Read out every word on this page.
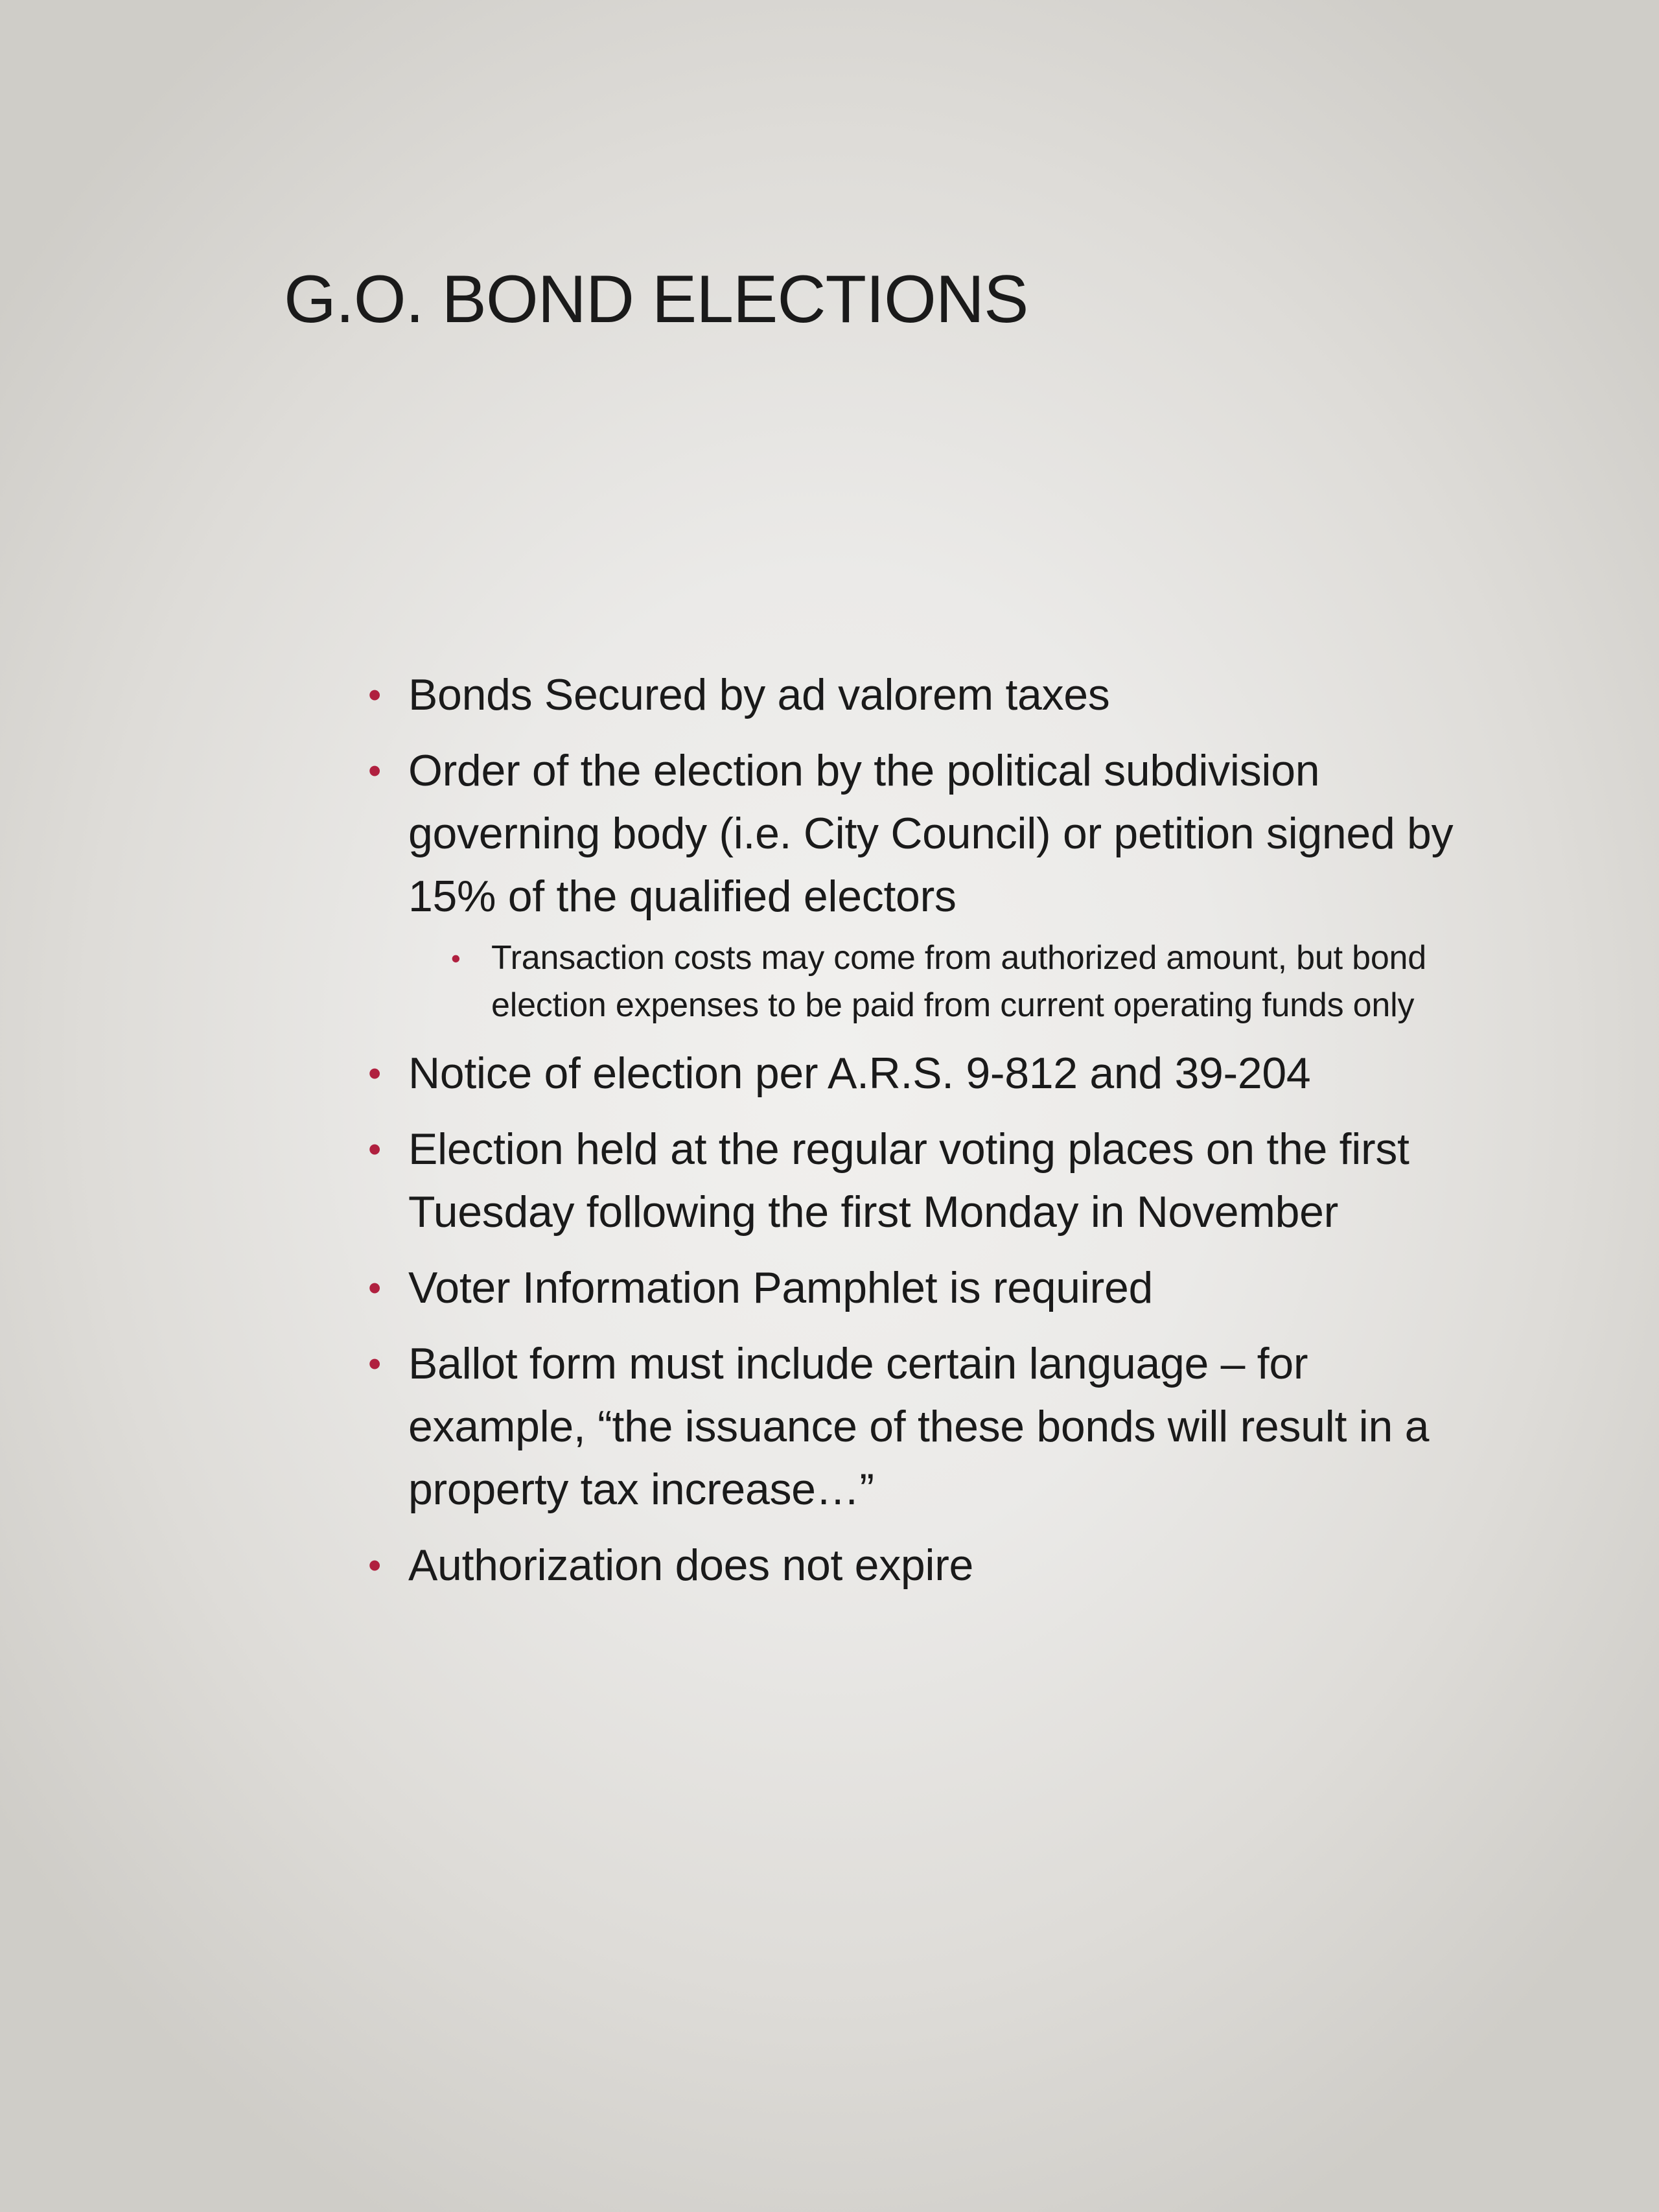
G.O. BOND ELECTIONS
• Bonds Secured by ad valorem taxes
• Order of the election by the political subdivision governing body (i.e. City Council) or petition signed by 15% of the qualified electors
• Transaction costs may come from authorized amount, but bond election expenses to be paid from current operating funds only
• Notice of election per A.R.S. 9-812 and 39-204
• Election held at the regular voting places on the first Tuesday following the first Monday in November
• Voter Information Pamphlet is required
• Ballot form must include certain language – for example, “the issuance of these bonds will result in a property tax increase…”
• Authorization does not expire
